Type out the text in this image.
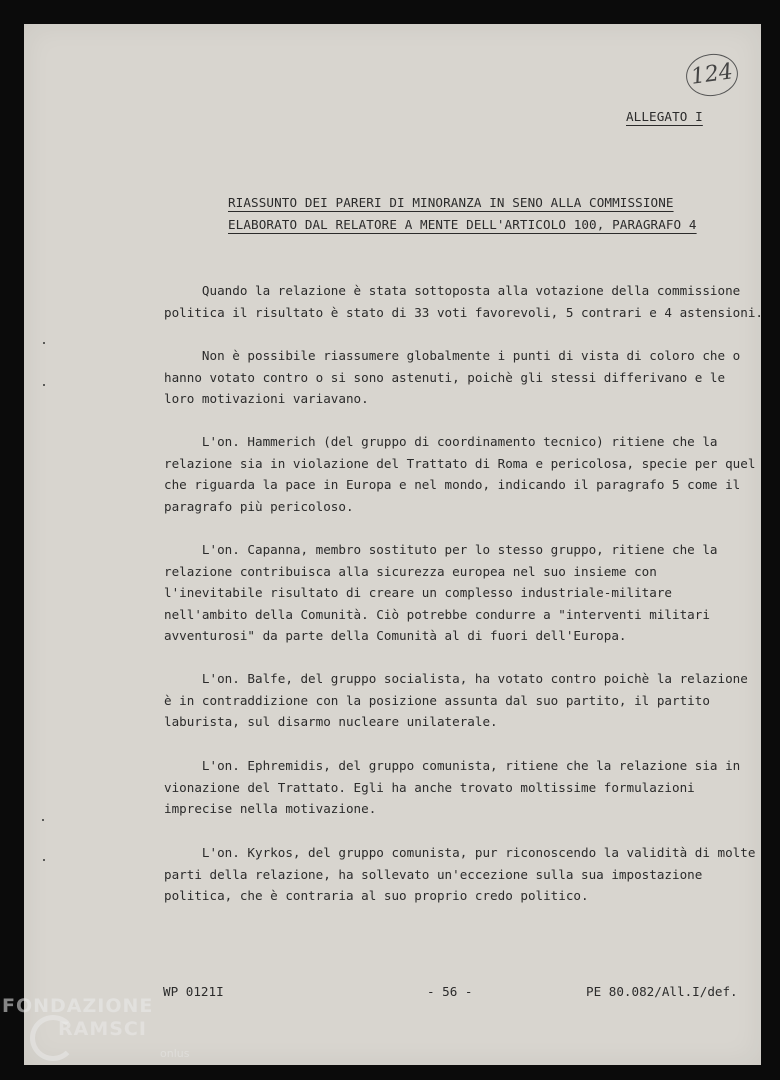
124
ALLEGATO I
RIASSUNTO DEI PARERI DI MINORANZA IN SENO ALLA COMMISSIONE
ELABORATO DAL RELATORE A MENTE DELL'ARTICOLO 100, PARAGRAFO 4
Quando la relazione è stata sottoposta alla votazione della commissione
politica il risultato è stato di 33 voti favorevoli, 5 contrari e 4 astensioni.
Non è possibile riassumere globalmente i punti di vista di coloro che o
hanno votato contro o si sono astenuti, poichè gli stessi differivano e le
loro motivazioni variavano.
L'on. Hammerich (del gruppo di coordinamento tecnico) ritiene che la
relazione sia in violazione del Trattato di Roma e pericolosa, specie per quel
che riguarda la pace in Europa e nel mondo, indicando il paragrafo 5 come il
paragrafo più pericoloso.
L'on. Capanna, membro sostituto per lo stesso gruppo, ritiene che la
relazione contribuisca alla sicurezza europea nel suo insieme con
l'inevitabile risultato di creare un complesso industriale-militare
nell'ambito della Comunità. Ciò potrebbe condurre a "interventi militari
avventurosi" da parte della Comunità al di fuori dell'Europa.
L'on. Balfe, del gruppo socialista, ha votato contro poichè la relazione
è in contraddizione con la posizione assunta dal suo partito, il partito
laburista, sul disarmo nucleare unilaterale.
L'on. Ephremidis, del gruppo comunista, ritiene che la relazione sia in
vionazione del Trattato. Egli ha anche trovato moltissime formulazioni
imprecise nella motivazione.
L'on. Kyrkos, del gruppo comunista, pur riconoscendo la validità di molte
parti della relazione, ha sollevato un'eccezione sulla sua impostazione
politica, che è contraria al suo proprio credo politico.
WP 0121I	- 56 -	PE 80.082/All.I/def.
FONDAZIONE
RAMSCI
onlus
